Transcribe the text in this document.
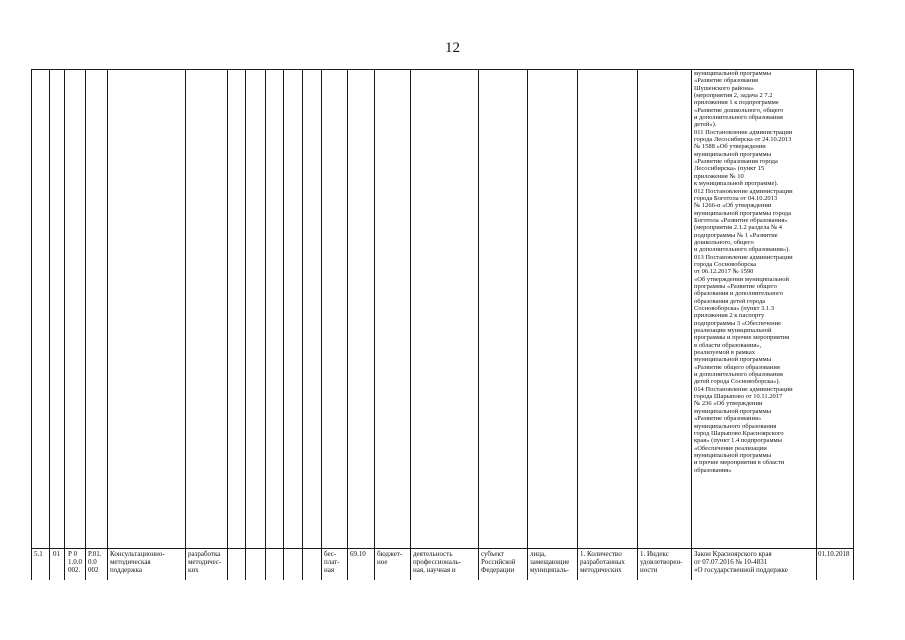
12
муниципальной программы
«Развитие образования
Шушенского района»
(мероприятия 2, задача 2 7.2
приложения 1 к подпрограмме
«Развитие дошкольного, общего
и дополнительного образования
детей»).
011 Постановление администрации
города Лесосибирска от 24.10.2013
№ 1588 «Об утверждении
муниципальной программы
«Развитие образования города
Лесосибирска» (пункт 15
приложения № 10
к муниципальной программе).
012 Постановление администрации
города Боготола от 04.10.2013
№ 1266-п «Об утверждении
муниципальной программы города
Боготола «Развитие образования»
(мероприятия 2.1.2 раздела № 4
подпрограммы № 1 «Развитие
дошкольного, общего
и дополнительного образования»).
013 Постановление администрации
города Сосновоборска
от 06.12.2017 № 1590
«Об утверждении муниципальной
программы «Развитие общего
образования и дополнительного
образования детей города
Сосновоборска» (пункт 3.1.3
приложения 2 к паспорту
подпрограммы 3 «Обеспечение
реализации муниципальной
программы и прочие мероприятия
в области образования»,
реализуемой в рамках
муниципальной программы
«Развитие общего образования
и дополнительного образования
детей города Сосновоборска»).
014 Постановление администрации
города Шарыпово от 10.11.2017
№ 236 «Об утверждении
муниципальной программы
«Развитие образования»
муниципального образования
город Шарыпово Красноярского
края» (пункт 1.4 подпрограммы
«Обеспечение реализации
муниципальной программы
и прочие мероприятия в области
образования»
5.1 01 Р 0
1.0.0
002.
Р.01.
0.0
002
Консультационно-
методическая
поддержка
разработка
методичес-
ких
бес-
плат-
ная
69.10 бюджет-
ное
деятельность
профессиональ-
ная, научная и
субъект
Российской
Федерации
лица,
замещающие
муниципаль-
1. Количество
разработанных
методических
1. Индекс
удовлетворен-
ности
Закон Красноярского края
от 07.07.2016 № 10-4831
«О государственной поддержке
01.10.2018
